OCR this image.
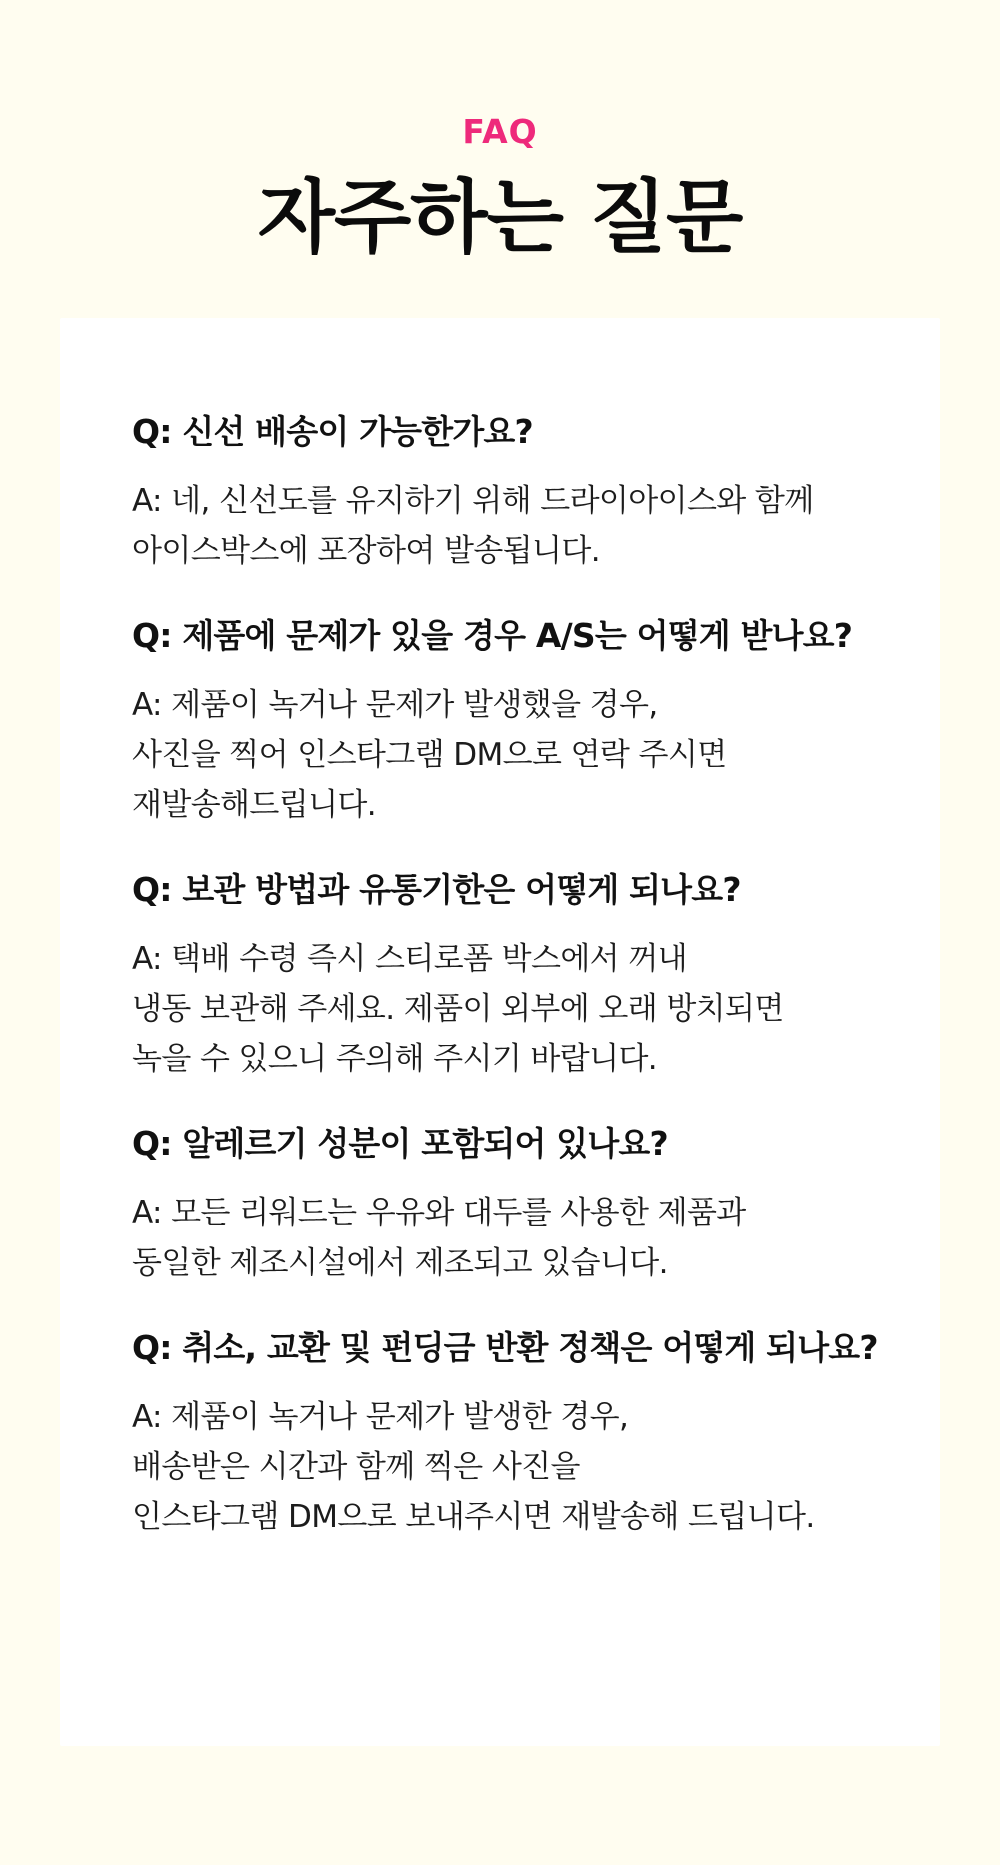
FAQ
자주하는 질문
Q: 신선 배송이 가능한가요?
A: 네, 신선도를 유지하기 위해 드라이아이스와 함께
아이스박스에 포장하여 발송됩니다.
Q: 제품에 문제가 있을 경우 A/S는 어떻게 받나요?
A: 제품이 녹거나 문제가 발생했을 경우,
사진을 찍어 인스타그램 DM으로 연락 주시면
재발송해드립니다.
Q: 보관 방법과 유통기한은 어떻게 되나요?
A: 택배 수령 즉시 스티로폼 박스에서 꺼내
냉동 보관해 주세요. 제품이 외부에 오래 방치되면
녹을 수 있으니 주의해 주시기 바랍니다.
Q: 알레르기 성분이 포함되어 있나요?
A: 모든 리워드는 우유와 대두를 사용한 제품과
동일한 제조시설에서 제조되고 있습니다.
Q: 취소, 교환 및 펀딩금 반환 정책은 어떻게 되나요?
A: 제품이 녹거나 문제가 발생한 경우,
배송받은 시간과 함께 찍은 사진을
인스타그램 DM으로 보내주시면 재발송해 드립니다.
